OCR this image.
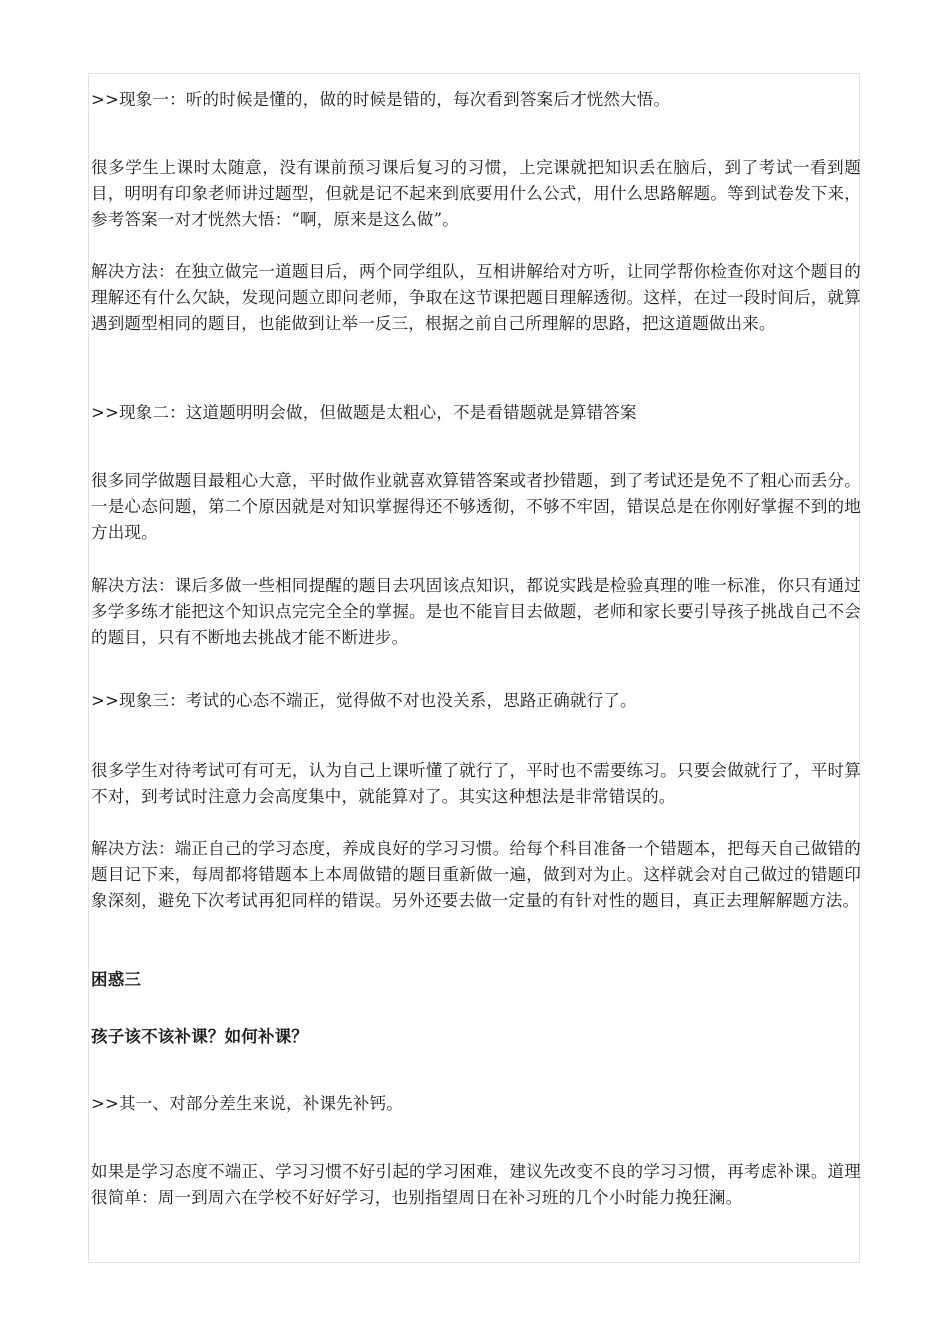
>>现象一：听的时候是懂的，做的时候是错的，每次看到答案后才恍然大悟。
很多学生上课时太随意，没有课前预习课后复习的习惯，上完课就把知识丢在脑后，到了考试一看到题目，明明有印象老师讲过题型，但就是记不起来到底要用什么公式，用什么思路解题。等到试卷发下来，参考答案一对才恍然大悟：“啊，原来是这么做”。
解决方法：在独立做完一道题目后，两个同学组队，互相讲解给对方听，让同学帮你检查你对这个题目的理解还有什么欠缺，发现问题立即问老师，争取在这节课把题目理解透彻。这样，在过一段时间后，就算遇到题型相同的题目，也能做到让举一反三，根据之前自己所理解的思路，把这道题做出来。
>>现象二：这道题明明会做，但做题是太粗心，不是看错题就是算错答案
很多同学做题目最粗心大意，平时做作业就喜欢算错答案或者抄错题，到了考试还是免不了粗心而丢分。一是心态问题，第二个原因就是对知识掌握得还不够透彻，不够不牢固，错误总是在你刚好掌握不到的地方出现。
解决方法：课后多做一些相同提醒的题目去巩固该点知识，都说实践是检验真理的唯一标准，你只有通过多学多练才能把这个知识点完完全全的掌握。是也不能盲目去做题，老师和家长要引导孩子挑战自己不会的题目，只有不断地去挑战才能不断进步。
>>现象三：考试的心态不端正，觉得做不对也没关系，思路正确就行了。
很多学生对待考试可有可无，认为自己上课听懂了就行了，平时也不需要练习。只要会做就行了，平时算不对，到考试时注意力会高度集中，就能算对了。其实这种想法是非常错误的。
解决方法：端正自己的学习态度，养成良好的学习习惯。给每个科目准备一个错题本，把每天自己做错的题目记下来，每周都将错题本上本周做错的题目重新做一遍，做到对为止。这样就会对自己做过的错题印象深刻，避免下次考试再犯同样的错误。另外还要去做一定量的有针对性的题目，真正去理解解题方法。
困惑三
孩子该不该补课？如何补课？
>>其一、对部分差生来说，补课先补钙。
如果是学习态度不端正、学习习惯不好引起的学习困难，建议先改变不良的学习习惯，再考虑补课。道理很简单：周一到周六在学校不好好学习，也别指望周日在补习班的几个小时能力挽狂澜。
